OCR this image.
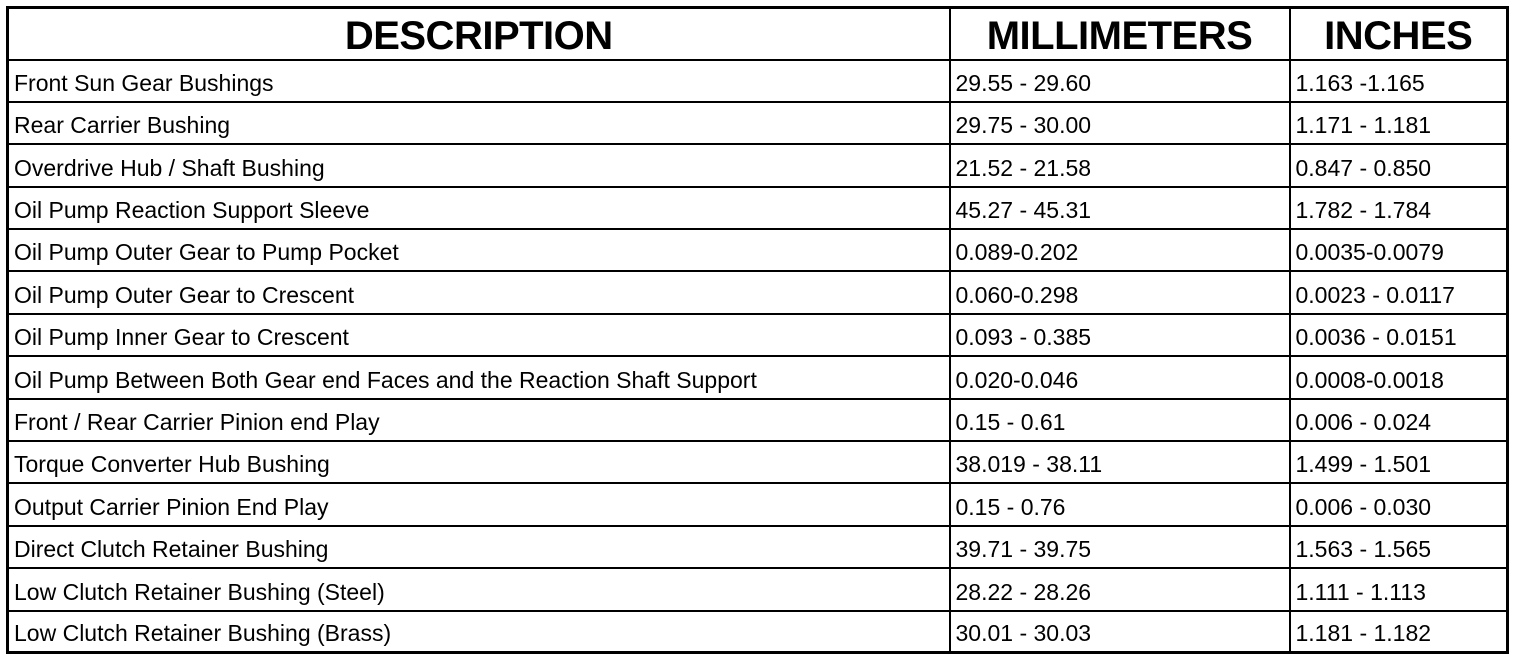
DESCRIPTION	MILLIMETERS	INCHES
Front Sun Gear Bushings	29.55 - 29.60	1.163 -1.165
Rear Carrier Bushing	29.75 - 30.00	1.171 - 1.181
Overdrive Hub / Shaft Bushing	21.52 - 21.58	0.847 - 0.850
Oil Pump Reaction Support Sleeve	45.27 - 45.31	1.782 - 1.784
Oil Pump Outer Gear to Pump Pocket	0.089-0.202	0.0035-0.0079
Oil Pump Outer Gear to Crescent	0.060-0.298	0.0023 - 0.0117
Oil Pump Inner Gear to Crescent	0.093 - 0.385	0.0036 - 0.0151
Oil Pump Between Both Gear end Faces and the Reaction Shaft Support	0.020-0.046	0.0008-0.0018
Front / Rear Carrier Pinion end Play	0.15 - 0.61	0.006 - 0.024
Torque Converter Hub Bushing	38.019 - 38.11	1.499 - 1.501
Output Carrier Pinion End Play	0.15 - 0.76	0.006 - 0.030
Direct Clutch Retainer Bushing	39.71 - 39.75	1.563 - 1.565
Low Clutch Retainer Bushing (Steel)	28.22 - 28.26	1.111 - 1.113
Low Clutch Retainer Bushing (Brass)	30.01 - 30.03	1.181 - 1.182
